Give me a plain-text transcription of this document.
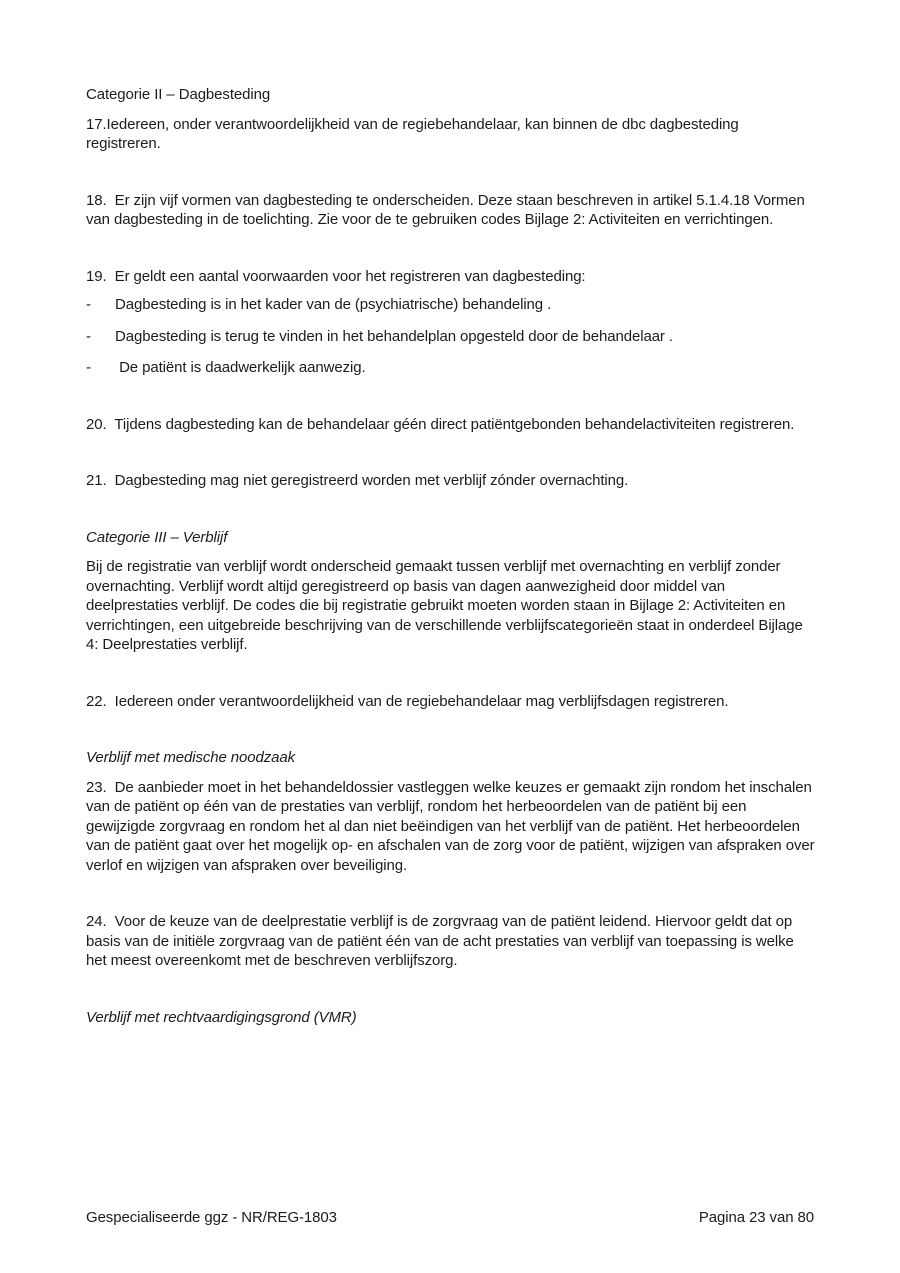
Categorie II – Dagbesteding

17.Iedereen, onder verantwoordelijkheid van de regiebehandelaar, kan binnen de dbc dagbesteding registreren.

18.  Er zijn vijf vormen van dagbesteding te onderscheiden. Deze staan beschreven in artikel 5.1.4.18 Vormen van dagbesteding in de toelichting. Zie voor de te gebruiken codes Bijlage 2: Activiteiten en verrichtingen.

19.  Er geldt een aantal voorwaarden voor het registreren van dagbesteding:

-	Dagbesteding is in het kader van de (psychiatrische) behandeling .
-	Dagbesteding is terug te vinden in het behandelplan opgesteld door de behandelaar .
-	De patiënt is daadwerkelijk aanwezig.

20.  Tijdens dagbesteding kan de behandelaar géén direct patiëntgebonden behandelactiviteiten registreren.

21.  Dagbesteding mag niet geregistreerd worden met verblijf zónder overnachting.

Categorie III – Verblijf

Bij de registratie van verblijf wordt onderscheid gemaakt tussen verblijf met overnachting en verblijf zonder overnachting. Verblijf wordt altijd geregistreerd op basis van dagen aanwezigheid door middel van deelprestaties verblijf. De codes die bij registratie gebruikt moeten worden staan in Bijlage 2: Activiteiten en verrichtingen, een uitgebreide beschrijving van de verschillende verblijfscategorieën staat in onderdeel Bijlage 4: Deelprestaties verblijf.

22.  Iedereen onder verantwoordelijkheid van de regiebehandelaar mag verblijfsdagen registreren.

Verblijf met medische noodzaak

23.  De aanbieder moet in het behandeldossier vastleggen welke keuzes er gemaakt zijn rondom het inschalen van de patiënt op één van de prestaties van verblijf, rondom het herbeoordelen van de patiënt bij een gewijzigde zorgvraag en rondom het al dan niet beëindigen van het verblijf van de patiënt. Het herbeoordelen van de patiënt gaat over het mogelijk op- en afschalen van de zorg voor de patiënt, wijzigen van afspraken over verlof en wijzigen van afspraken over beveiliging.

24.  Voor de keuze van de deelprestatie verblijf is de zorgvraag van de patiënt leidend. Hiervoor geldt dat op basis van de initiële zorgvraag van de patiënt één van de acht prestaties van verblijf van toepassing is welke het meest overeenkomt met de beschreven verblijfszorg.

Verblijf met rechtvaardigingsgrond (VMR)
Gespecialiseerde ggz - NR/REG-1803	Pagina 23 van 80
